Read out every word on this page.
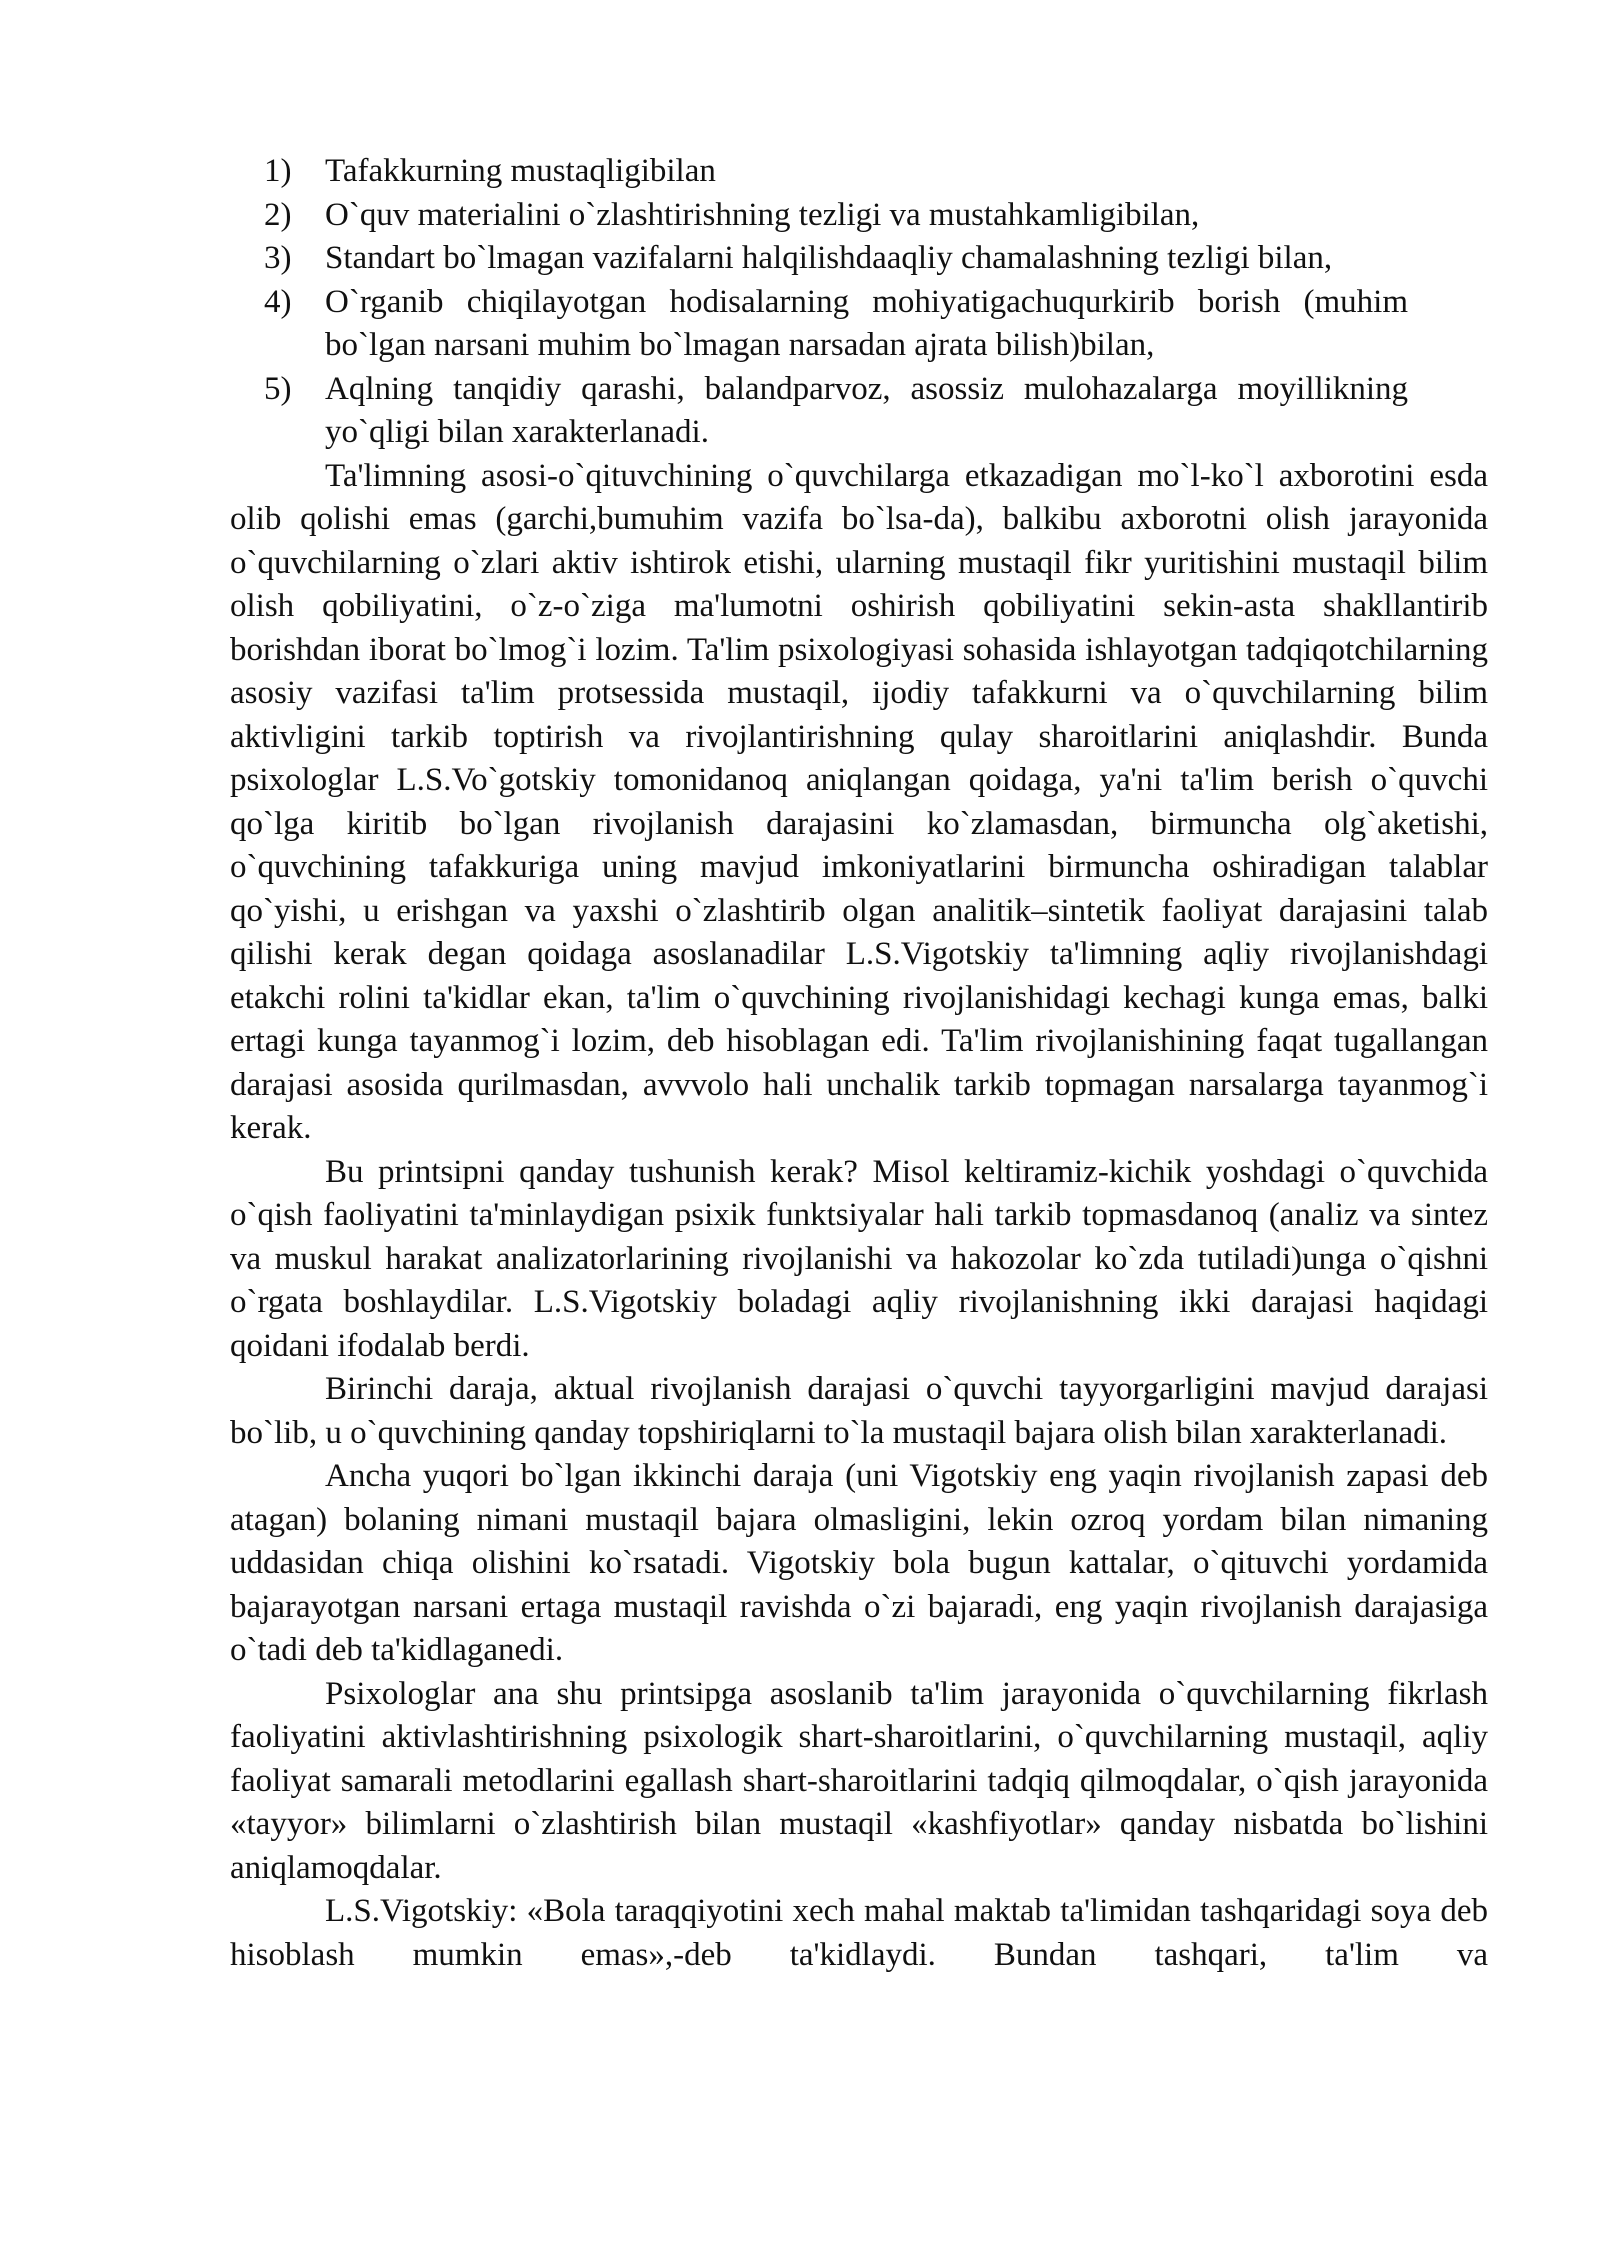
1) Tafakkurning mustaqligibilan
2) O`quv materialini o`zlashtirishning tezligi va mustahkamligibilan,
3) Standart bo`lmagan vazifalarni halqilishdaaqliy chamalashning tezligi bilan,
4) O`rganib chiqilayotgan hodisalarning mohiyatigachuqurkirib borish (muhim bo`lgan narsani muhim bo`lmagan narsadan ajrata bilish)bilan,
5) Aqlning tanqidiy qarashi, balandparvoz, asossiz mulohazalarga moyillikning yo`qligi bilan xarakterlanadi.

Ta'limning asosi-o`qituvchining o`quvchilarga etkazadigan mo`l-ko`l axborotini esda olib qolishi emas (garchi,bumuhim vazifa bo`lsa-da), balkibu axborotni olish jarayonida o`quvchilarning o`zlari aktiv ishtirok etishi, ularning mustaqil fikr yuritishini mustaqil bilim olish qobiliyatini, o`z-o`ziga ma'lumotni oshirish qobiliyatini sekin-asta shakllantirib borishdan iborat bo`lmog`i lozim. Ta'lim psixologiyasi sohasida ishlayotgan tadqiqotchilarning asosiy vazifasi ta'lim protsessida mustaqil, ijodiy tafakkurni va o`quvchilarning bilim aktivligini tarkib toptirish va rivojlantirishning qulay sharoitlarini aniqlashdir. Bunda psixologlar L.S.Vo`gotskiy tomonidanoq aniqlangan qoidaga, ya'ni ta'lim berish o`quvchi qo`lga kiritib bo`lgan rivojlanish darajasini ko`zlamasdan, birmuncha olg`aketishi, o`quvchining tafakkuriga uning mavjud imkoniyatlarini birmuncha oshiradigan talablar qo`yishi, u erishgan va yaxshi o`zlashtirib olgan analitik–sintetik faoliyat darajasini talab qilishi kerak degan qoidaga asoslanadilar L.S.Vigotskiy ta'limning aqliy rivojlanishdagi etakchi rolini ta'kidlar ekan, ta'lim o`quvchining rivojlanishidagi kechagi kunga emas, balki ertagi kunga tayanmog`i lozim, deb hisoblagan edi. Ta'lim rivojlanishining faqat tugallangan darajasi asosida qurilmasdan, avvvolo hali unchalik tarkib topmagan narsalarga tayanmog`i kerak.

Bu printsipni qanday tushunish kerak? Misol keltiramiz-kichik yoshdagi o`quvchida o`qish faoliyatini ta'minlaydigan psixik funktsiyalar hali tarkib topmasdanoq (analiz va sintez va muskul harakat analizatorlarining rivojlanishi va hakozolar ko`zda tutiladi)unga o`qishni o`rgata boshlaydilar. L.S.Vigotskiy boladagi aqliy rivojlanishning ikki darajasi haqidagi qoidani ifodalab berdi.

Birinchi daraja, aktual rivojlanish darajasi o`quvchi tayyorgarligini mavjud darajasi bo`lib, u o`quvchining qanday topshiriqlarni to`la mustaqil bajara olish bilan xarakterlanadi.

Ancha yuqori bo`lgan ikkinchi daraja (uni Vigotskiy eng yaqin rivojlanish zapasi deb atagan) bolaning nimani mustaqil bajara olmasligini, lekin ozroq yordam bilan nimaning uddasidan chiqa olishini ko`rsatadi. Vigotskiy bola bugun kattalar, o`qituvchi yordamida bajarayotgan narsani ertaga mustaqil ravishda o`zi bajaradi, eng yaqin rivojlanish darajasiga o`tadi deb ta'kidlaganedi.

Psixologlar ana shu printsipga asoslanib ta'lim jarayonida o`quvchilarning fikrlash faoliyatini aktivlashtirishning psixologik shart-sharoitlarini, o`quvchilarning mustaqil, aqliy faoliyat samarali metodlarini egallash shart-sharoitlarini tadqiq qilmoqdalar, o`qish jarayonida «tayyor» bilimlarni o`zlashtirish bilan mustaqil «kashfiyotlar» qanday nisbatda bo`lishini aniqlamoqdalar.

L.S.Vigotskiy: «Bola taraqqiyotini xech mahal maktab ta'limidan tashqaridagi soya deb hisoblash mumkin emas»,-deb ta'kidlaydi. Bundan tashqari, ta'lim va
